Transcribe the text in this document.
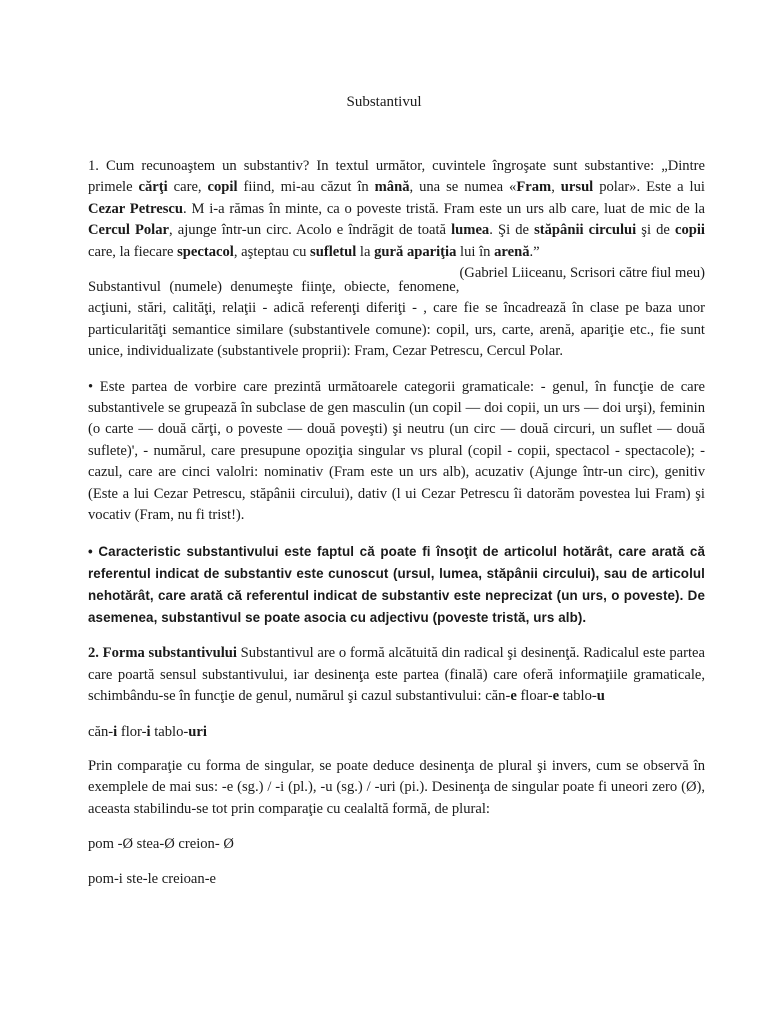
Substantivul

1. Cum recunoaştem un substantiv? In textul următor, cuvintele îngroşate sunt substantive: „Dintre primele cărţi care, copil fiind, mi-au căzut în mână, una se numea «Fram, ursul polar». Este a lui Cezar Petrescu. M i-a rămas în minte, ca o poveste tristă. Fram este un urs alb care, luat de mic de la Cercul Polar, ajunge într-un circ. Acolo e îndrăgit de toată lumea. Şi de stăpânii circului şi de copii care, la fiecare spectacol, aşteptau cu sufletul la gură apariţia lui în arenă.”
(Gabriel Liiceanu, Scrisori către fiul meu)

Substantivul (numele) denumeşte fiinţe, obiecte, fenomene, acţiuni, stări, calităţi, relaţii - adică referenţi diferiţi - , care fie se încadrează în clase pe baza unor particularităţi semantice similare (substantivele comune): copil, urs, carte, arenă, apariţie etc., fie sunt unice, individualizate (substantivele proprii): Fram, Cezar Petrescu, Cercul Polar.

• Este partea de vorbire care prezintă următoarele categorii gramaticale: - genul, în funcţie de care substantivele se grupează în subclase de gen masculin (un copil — doi copii, un urs — doi urşi), feminin (o carte — două cărţi, o poveste — două poveşti) şi neutru (un circ — două circuri, un suflet — două suflete)', - numărul, care presupune opoziţia singular vs plural (copil - copii, spectacol - spectacole); - cazul, care are cinci valolri: nominativ (Fram este un urs alb), acuzativ (Ajunge într-un circ), genitiv (Este a lui Cezar Petrescu, stăpânii circului), dativ (l ui Cezar Petrescu îi datorăm povestea lui Fram) şi vocativ (Fram, nu fi trist!).

• Caracteristic substantivului este faptul că poate fi însoţit de articolul hotărât, care arată că referentul indicat de substantiv este cunoscut (ursul, lumea, stăpânii circului), sau de articolul nehotărât, care arată că referentul indicat de substantiv este neprecizat (un urs, o poveste). De asemenea, substantivul se poate asocia cu adjectivu (poveste tristă, urs alb).

2. Forma substantivului Substantivul are o formă alcătuită din radical şi desinenţă. Radicalul este partea care poartă sensul substantivului, iar desinenţa este partea (finală) care oferă informaţiile gramaticale, schimbându-se în funcţie de genul, numărul şi cazul substantivului: căn-e floar-e tablo-u

căn-i flor-i tablo-uri

Prin comparaţie cu forma de singular, se poate deduce desinenţa de plural şi invers, cum se observă în exemplele de mai sus: -e (sg.) / -i (pl.), -u (sg.) / -uri (pi.). Desinenţa de singular poate fi uneori zero (Ø), aceasta stabilindu-se tot prin comparaţie cu cealaltă formă, de plural:

pom -Ø stea-Ø creion- Ø

pom-i ste-le creioan-e
